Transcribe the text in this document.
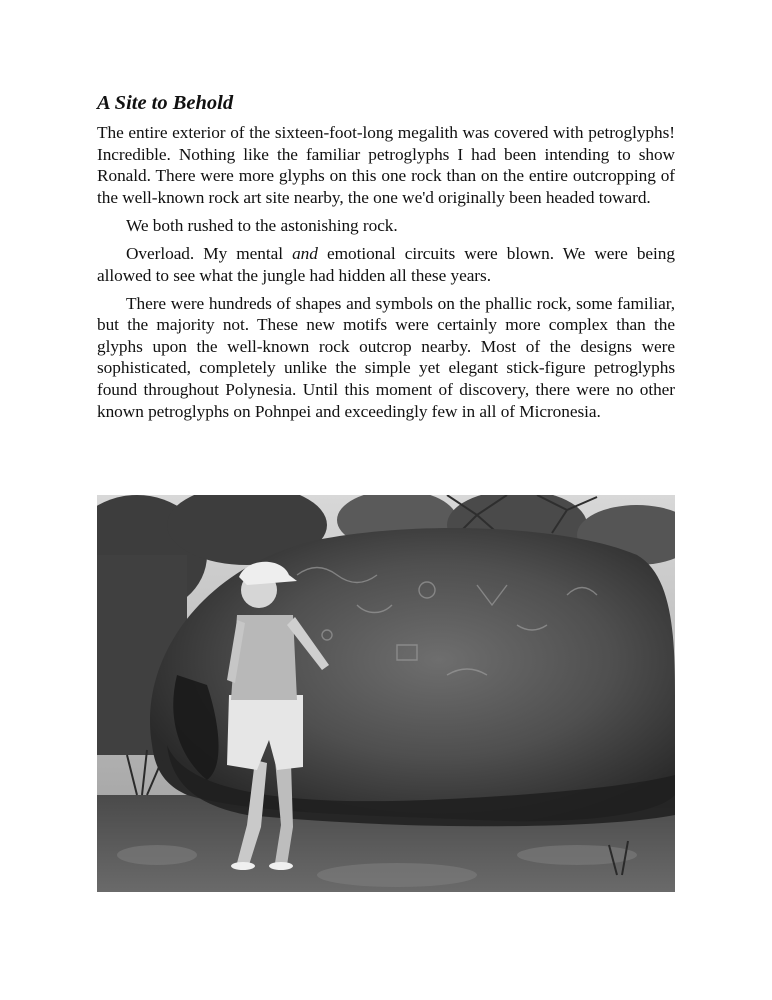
A Site to Behold

The entire exterior of the sixteen-foot-long megalith was covered with petroglyphs! Incredible. Nothing like the familiar petroglyphs I had been intending to show Ronald. There were more glyphs on this one rock than on the entire outcropping of the well-known rock art site nearby, the one we'd originally been headed toward.

We both rushed to the astonishing rock.

Overload. My mental and emotional circuits were blown. We were being allowed to see what the jungle had hidden all these years.

There were hundreds of shapes and symbols on the phallic rock, some familiar, but the majority not. These new motifs were certainly more complex than the glyphs upon the well-known rock outcrop nearby. Most of the designs were sophisticated, completely unlike the simple yet elegant stick-figure petroglyphs found throughout Polynesia. Until this moment of discovery, there were no other known petroglyphs on Pohnpei and exceedingly few in all of Micronesia.
